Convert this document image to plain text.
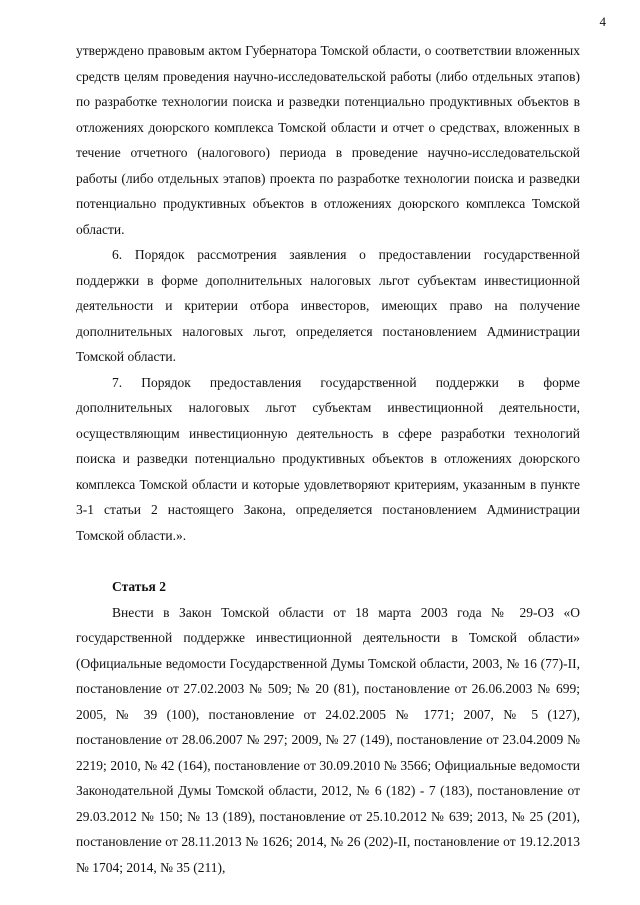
4

утверждено правовым актом Губернатора Томской области, о соответствии вложенных средств целям проведения научно-исследовательской работы (либо отдельных этапов) по разработке технологии поиска и разведки потенциально продуктивных объектов в отложениях доюрского комплекса Томской области и отчет о средствах, вложенных в течение отчетного (налогового) периода в проведение научно-исследовательской работы (либо отдельных этапов) проекта по разработке технологии поиска и разведки потенциально продуктивных объектов в отложениях доюрского комплекса Томской области.

6. Порядок рассмотрения заявления о предоставлении государственной поддержки в форме дополнительных налоговых льгот субъектам инвестиционной деятельности и критерии отбора инвесторов, имеющих право на получение дополнительных налоговых льгот, определяется постановлением Администрации Томской области.

7. Порядок предоставления государственной поддержки в форме дополнительных налоговых льгот субъектам инвестиционной деятельности, осуществляющим инвестиционную деятельность в сфере разработки технологий поиска и разведки потенциально продуктивных объектов в отложениях доюрского комплекса Томской области и которые удовлетворяют критериям, указанным в пункте 3-1 статьи 2 настоящего Закона, определяется постановлением Администрации Томской области.».

Статья 2

Внести в Закон Томской области от 18 марта 2003 года № 29-ОЗ «О государственной поддержке инвестиционной деятельности в Томской области» (Официальные ведомости Государственной Думы Томской области, 2003, № 16 (77)-II, постановление от 27.02.2003 № 509; № 20 (81), постановление от 26.06.2003 № 699; 2005, № 39 (100), постановление от 24.02.2005 № 1771; 2007, № 5 (127), постановление от 28.06.2007 № 297; 2009, № 27 (149), постановление от 23.04.2009 № 2219; 2010, № 42 (164), постановление от 30.09.2010 № 3566; Официальные ведомости Законодательной Думы Томской области, 2012, № 6 (182) - 7 (183), постановление от 29.03.2012 № 150; № 13 (189), постановление от 25.10.2012 № 639; 2013, № 25 (201), постановление от 28.11.2013 № 1626; 2014, № 26 (202)-II, постановление от 19.12.2013 № 1704; 2014, № 35 (211),
